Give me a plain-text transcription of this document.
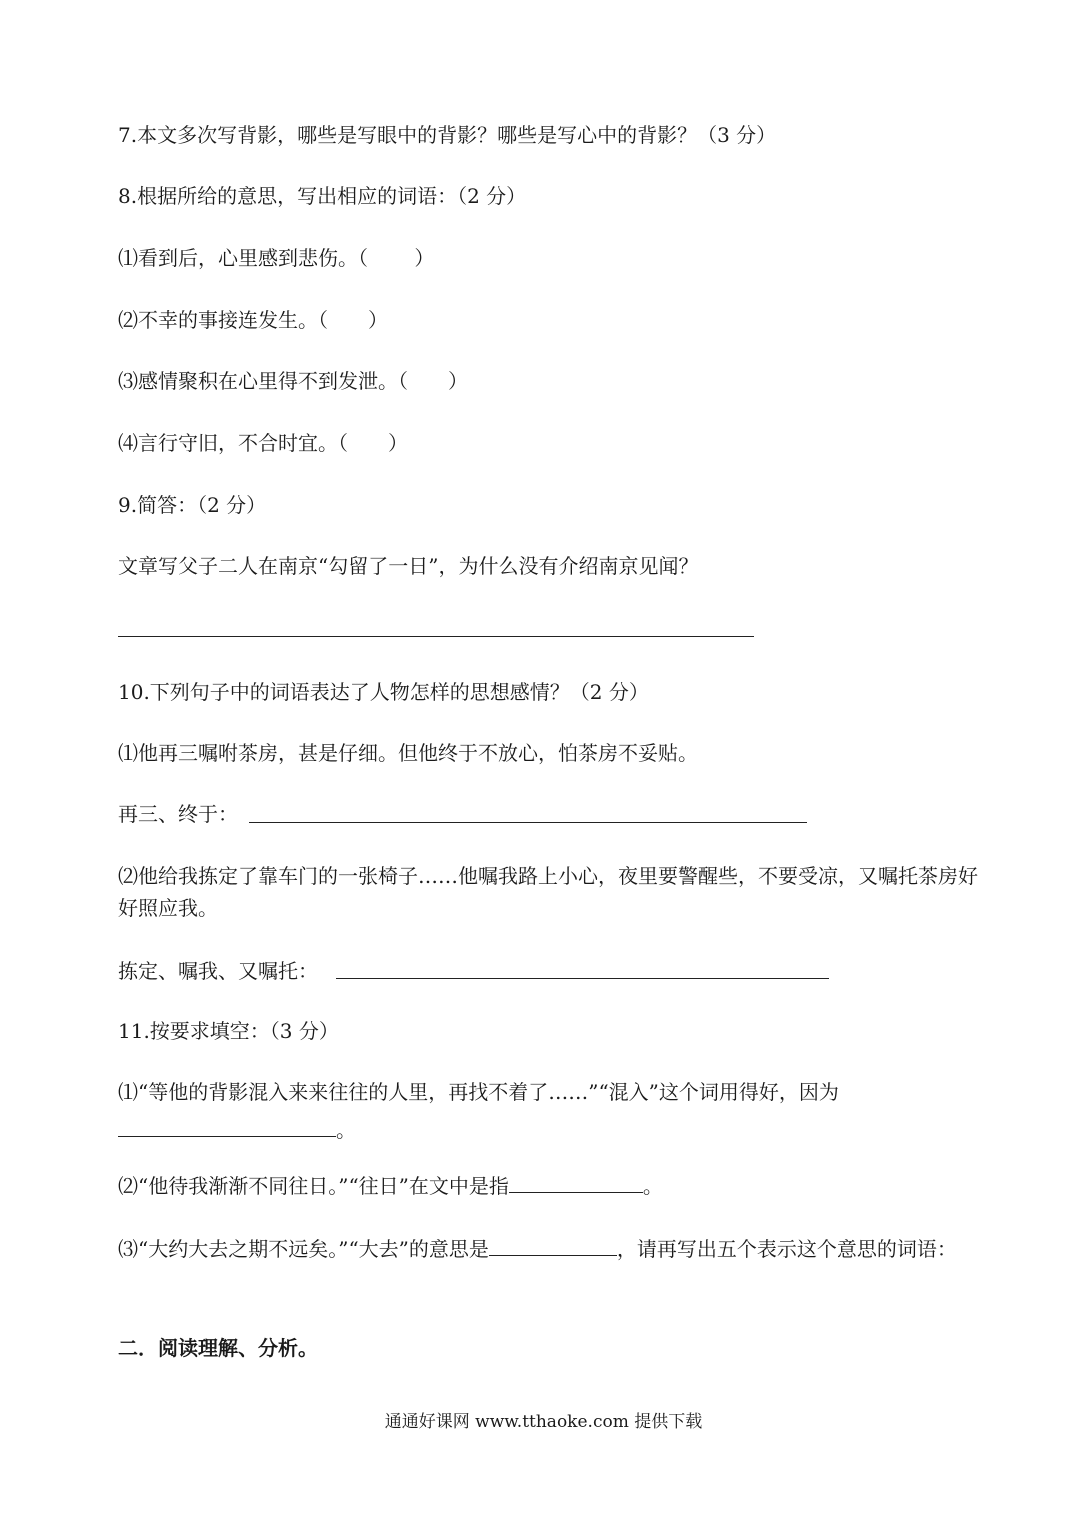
7.本文多次写背影，哪些是写眼中的背影？哪些是写心中的背影？（3 分）
8.根据所给的意思，写出相应的词语：（2 分）
⑴看到后，心里感到悲伤。（　　 ）
⑵不幸的事接连发生。（　　）
⑶感情聚积在心里得不到发泄。（　　）
⑷言行守旧，不合时宜。（　　）
9.简答：（2 分）
文章写父子二人在南京“勾留了一日”，为什么没有介绍南京见闻？
10.下列句子中的词语表达了人物怎样的思想感情？（2 分）
⑴他再三嘱咐茶房，甚是仔细。但他终于不放心，怕茶房不妥贴。
再三、终于：
⑵他给我拣定了靠车门的一张椅子……他嘱我路上小心，夜里要警醒些，不要受凉，又嘱托茶房好好照应我。
拣定、嘱我、又嘱托：
11.按要求填空：（3 分）
⑴“等他的背影混入来来往往的人里，再找不着了……”“混入”这个词用得好，因为
。
⑵“他待我渐渐不同往日。”“往日”在文中是指	。
⑶“大约大去之期不远矣。”“大去”的意思是	，请再写出五个表示这个意思的词语：
二．阅读理解、分析。
通通好课网 www.tthaoke.com 提供下载
